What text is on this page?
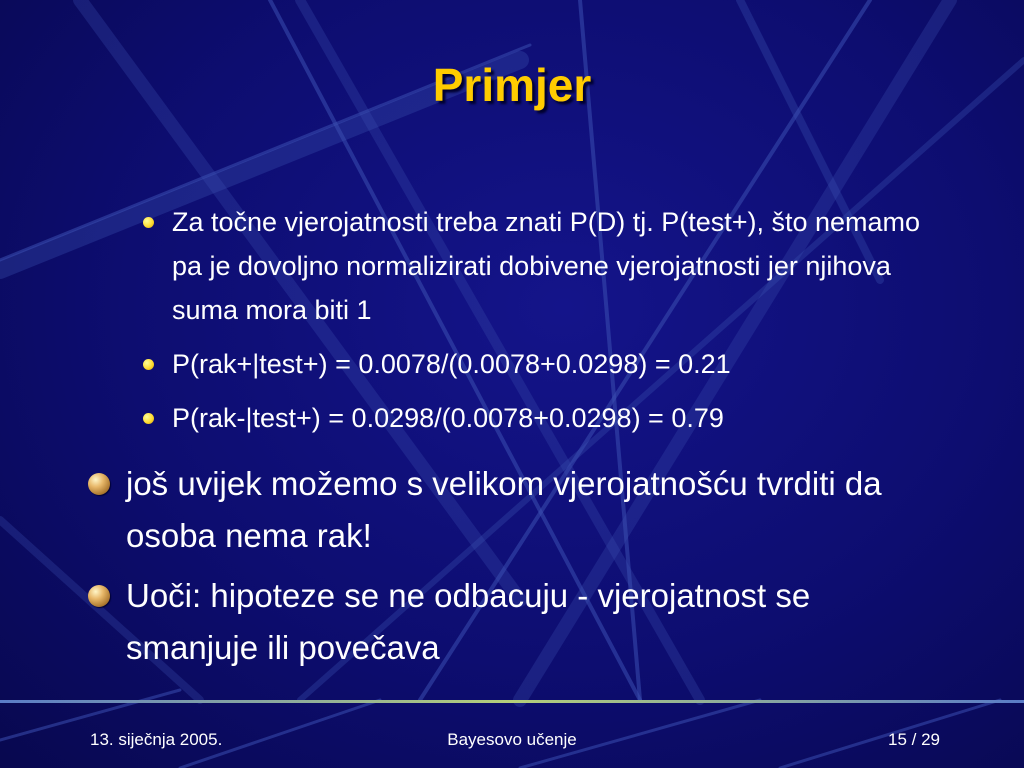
Primjer
Za točne vjerojatnosti treba znati P(D) tj. P(test+), što nemamo pa je dovoljno normalizirati dobivene vjerojatnosti jer njihova suma mora biti 1
P(rak+|test+) = 0.0078/(0.0078+0.0298) = 0.21
P(rak-|test+) = 0.0298/(0.0078+0.0298) = 0.79
još uvijek možemo s velikom vjerojatnošću tvrditi da osoba nema rak!
Uoči: hipoteze se ne odbacuju - vjerojatnost se smanjuje ili povečava
13. siječnja 2005.	Bayesovo učenje	15 / 29
